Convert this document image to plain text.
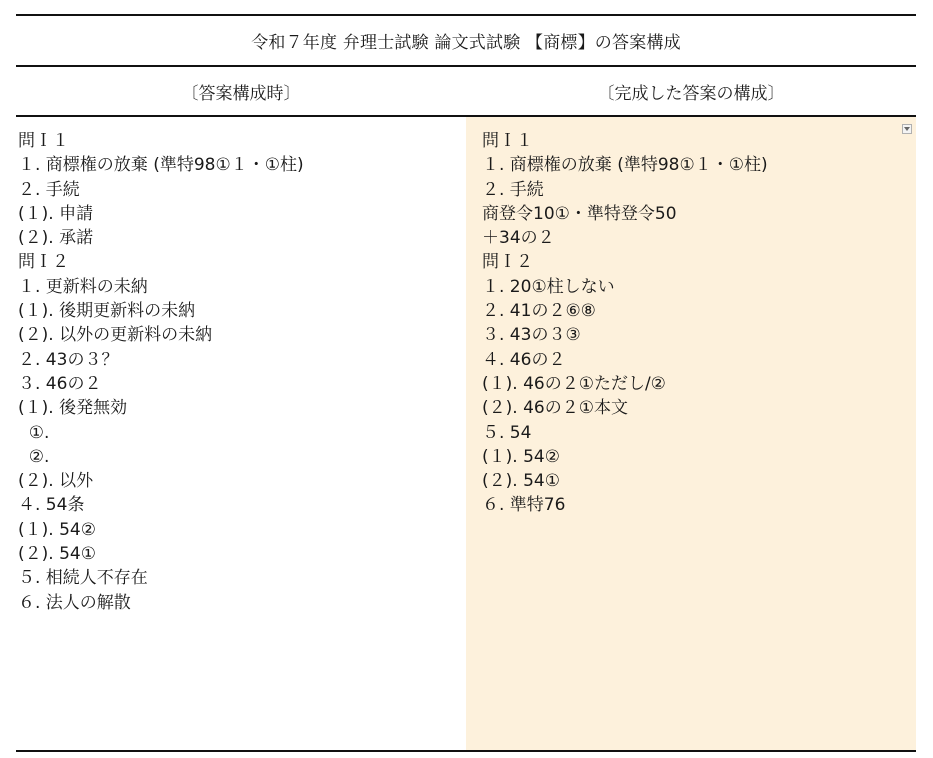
令和７年度 弁理士試験 論文式試験 【商標】の答案構成
〔答案構成時〕	〔完成した答案の構成〕

問Ｉ１

１. 商標権の放棄 (準特98①１・①柱)

２. 手続

(１). 申請

(２). 承諾

問Ｉ２

１. 更新料の未納

(１). 後期更新料の未納

(２). 以外の更新料の未納

２. 43の３？

３. 46の２

(１). 後発無効

①.

②.

(２). 以外

４. 54条

(１). 54②

(２). 54①

５. 相続人不存在

６. 法人の解散

問Ｉ１

１. 商標権の放棄 (準特98①１・①柱)

２. 手続

商登令10①・準特登令50

＋34の２

問Ｉ２

１. 20①柱しない

２. 41の２⑥⑧

３. 43の３③

４. 46の２

(１). 46の２①ただし/②

(２). 46の２①本文

５. 54

(１). 54②

(２). 54①

６. 準特76
